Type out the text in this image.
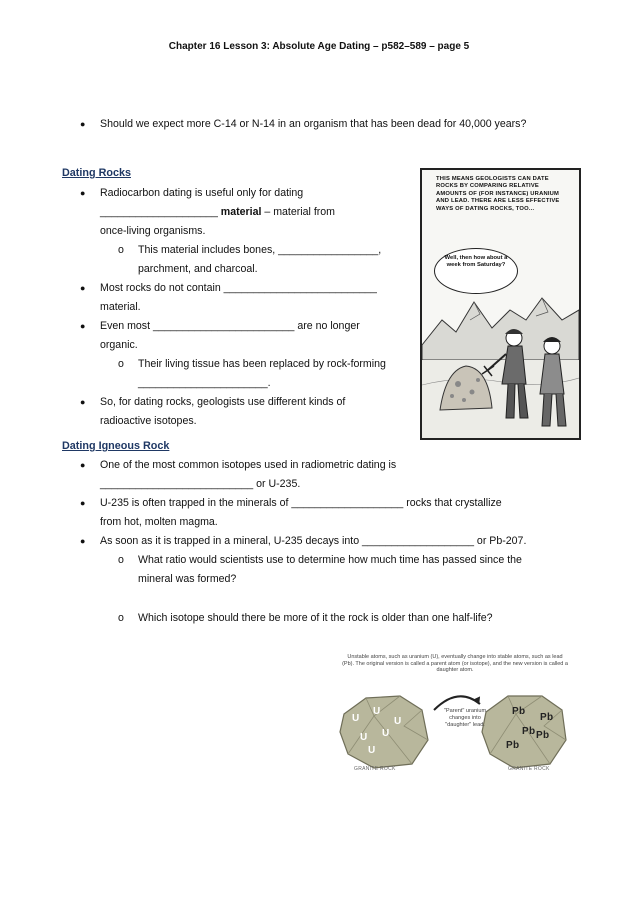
Chapter 16 Lesson 3: Absolute Age Dating – p582–589 – page 5
● Should we expect more C-14 or N-14 in an organism that has been dead for 40,000 years?
Dating Rocks
● Radiocarbon dating is useful only for dating
____________________ material – material from
once-living organisms.
o This material includes bones, _________________,
parchment, and charcoal.
● Most rocks do not contain __________________________
material.
● Even most ________________________ are no longer
organic.
o Their living tissue has been replaced by rock-forming
______________________.
● So, for dating rocks, geologists use different kinds of
radioactive isotopes.
THIS MEANS GEOLOGISTS CAN DATE ROCKS BY COMPARING RELATIVE AMOUNTS OF (FOR INSTANCE) URANIUM AND LEAD. THERE ARE LESS EFFECTIVE WAYS OF DATING ROCKS, TOO...
Well, then how about a week from Saturday?
Dating Igneous Rock
● One of the most common isotopes used in radiometric dating is
__________________________ or U-235.
● U-235 is often trapped in the minerals of ___________________ rocks that crystallize
from hot, molten magma.
● As soon as it is trapped in a mineral, U-235 decays into ___________________ or Pb-207.
o What ratio would scientists use to determine how much time has passed since the
mineral was formed?
o Which isotope should there be more of it the rock is older than one half-life?
Unstable atoms, such as uranium (U), eventually change into stable atoms, such as lead (Pb). The original version is called a parent atom (or isotope), and the new version is called a daughter atom.
"Parent" uranium changes into "daughter" lead.
U
U
U
U U
U
Pb
Pb
Pb Pb
Pb
GRANITE ROCK	GRANITE ROCK
